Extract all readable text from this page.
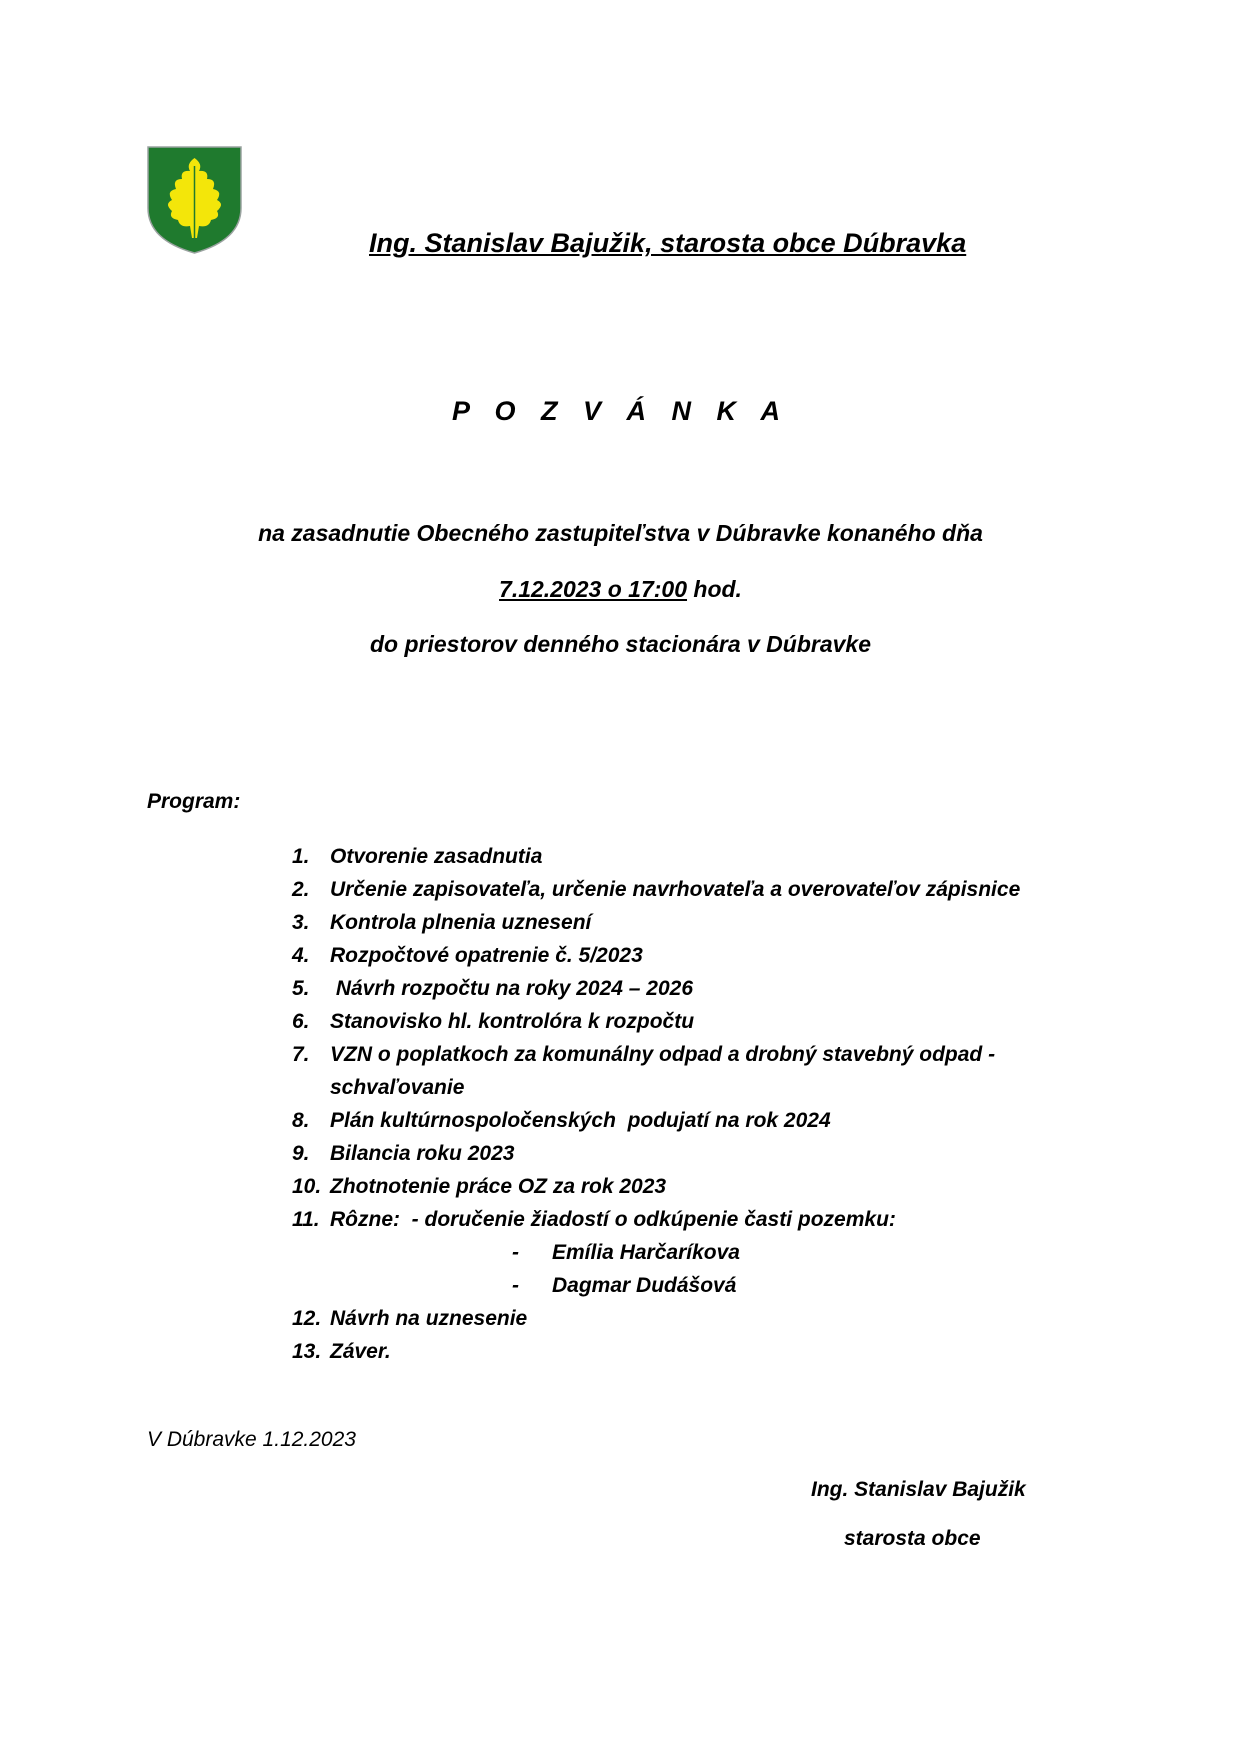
Ing. Stanislav Bajužik, starosta obce Dúbravka
P O Z V Á N K A
na zasadnutie Obecného zastupiteľstva v Dúbravke konaného dňa
7.12.2023 o 17:00 hod.
do priestorov denného stacionára v Dúbravke
Program:
1. Otvorenie zasadnutia
2. Určenie zapisovateľa, určenie navrhovateľa a overovateľov zápisnice
3. Kontrola plnenia uznesení
4. Rozpočtové opatrenie č. 5/2023
5. Návrh rozpočtu na roky 2024 – 2026
6. Stanovisko hl. kontrolóra k rozpočtu
7. VZN o poplatkoch za komunálny odpad a drobný stavebný odpad -
schvaľovanie
8. Plán kultúrnospoločenských  podujatí na rok 2024
9. Bilancia roku 2023
10. Zhotnotenie práce OZ za rok 2023
11. Rôzne:  - doručenie žiadostí o odkúpenie časti pozemku:
- Emília Harčaríkova
- Dagmar Dudášová
12. Návrh na uznesenie
13. Záver.
V Dúbravke 1.12.2023
Ing. Stanislav Bajužik
starosta obce
